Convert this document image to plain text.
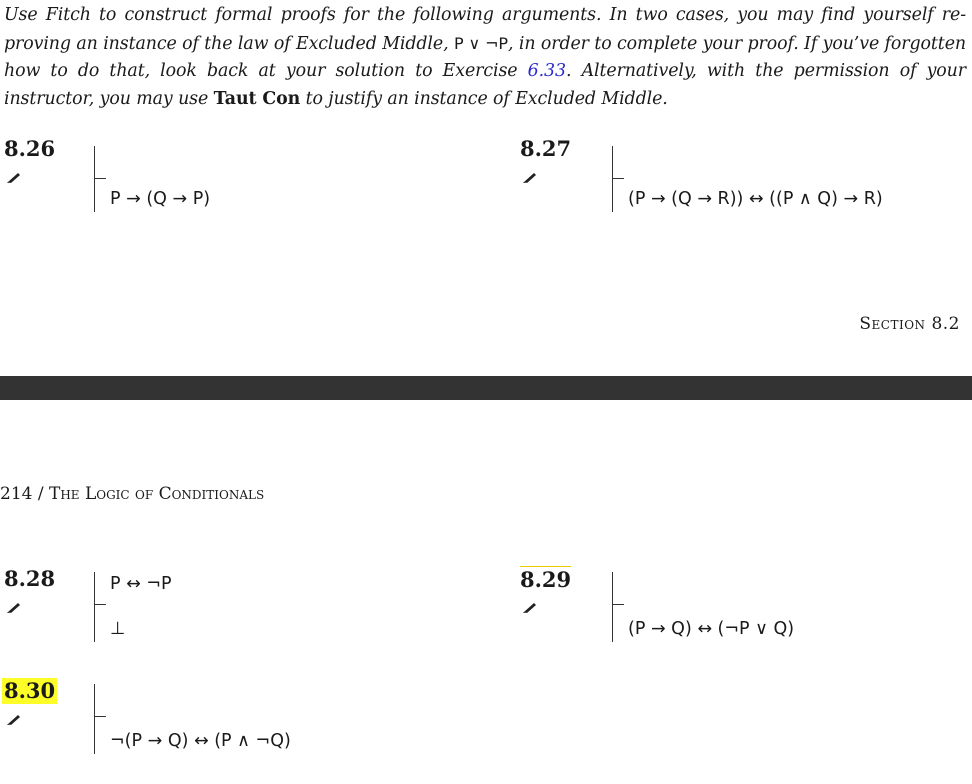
Use Fitch to construct formal proofs for the following arguments. In two cases, you may find yourself re-proving an instance of the law of Excluded Middle, P ∨ ¬P, in order to complete your proof. If you’ve forgotten how to do that, look back at your solution to Exercise 6.33. Alternatively, with the permission of your instructor, you may use Taut Con to justify an instance of Excluded Middle.
8.26
P → (Q → P)
8.27
(P → (Q → R)) ↔ ((P ∧ Q) → R)
Section 8.2
214 / The Logic of Conditionals
8.28	P ↔ ¬P
⊥
8.29
(P → Q) ↔ (¬P ∨ Q)
8.30
¬(P → Q) ↔ (P ∧ ¬Q)
